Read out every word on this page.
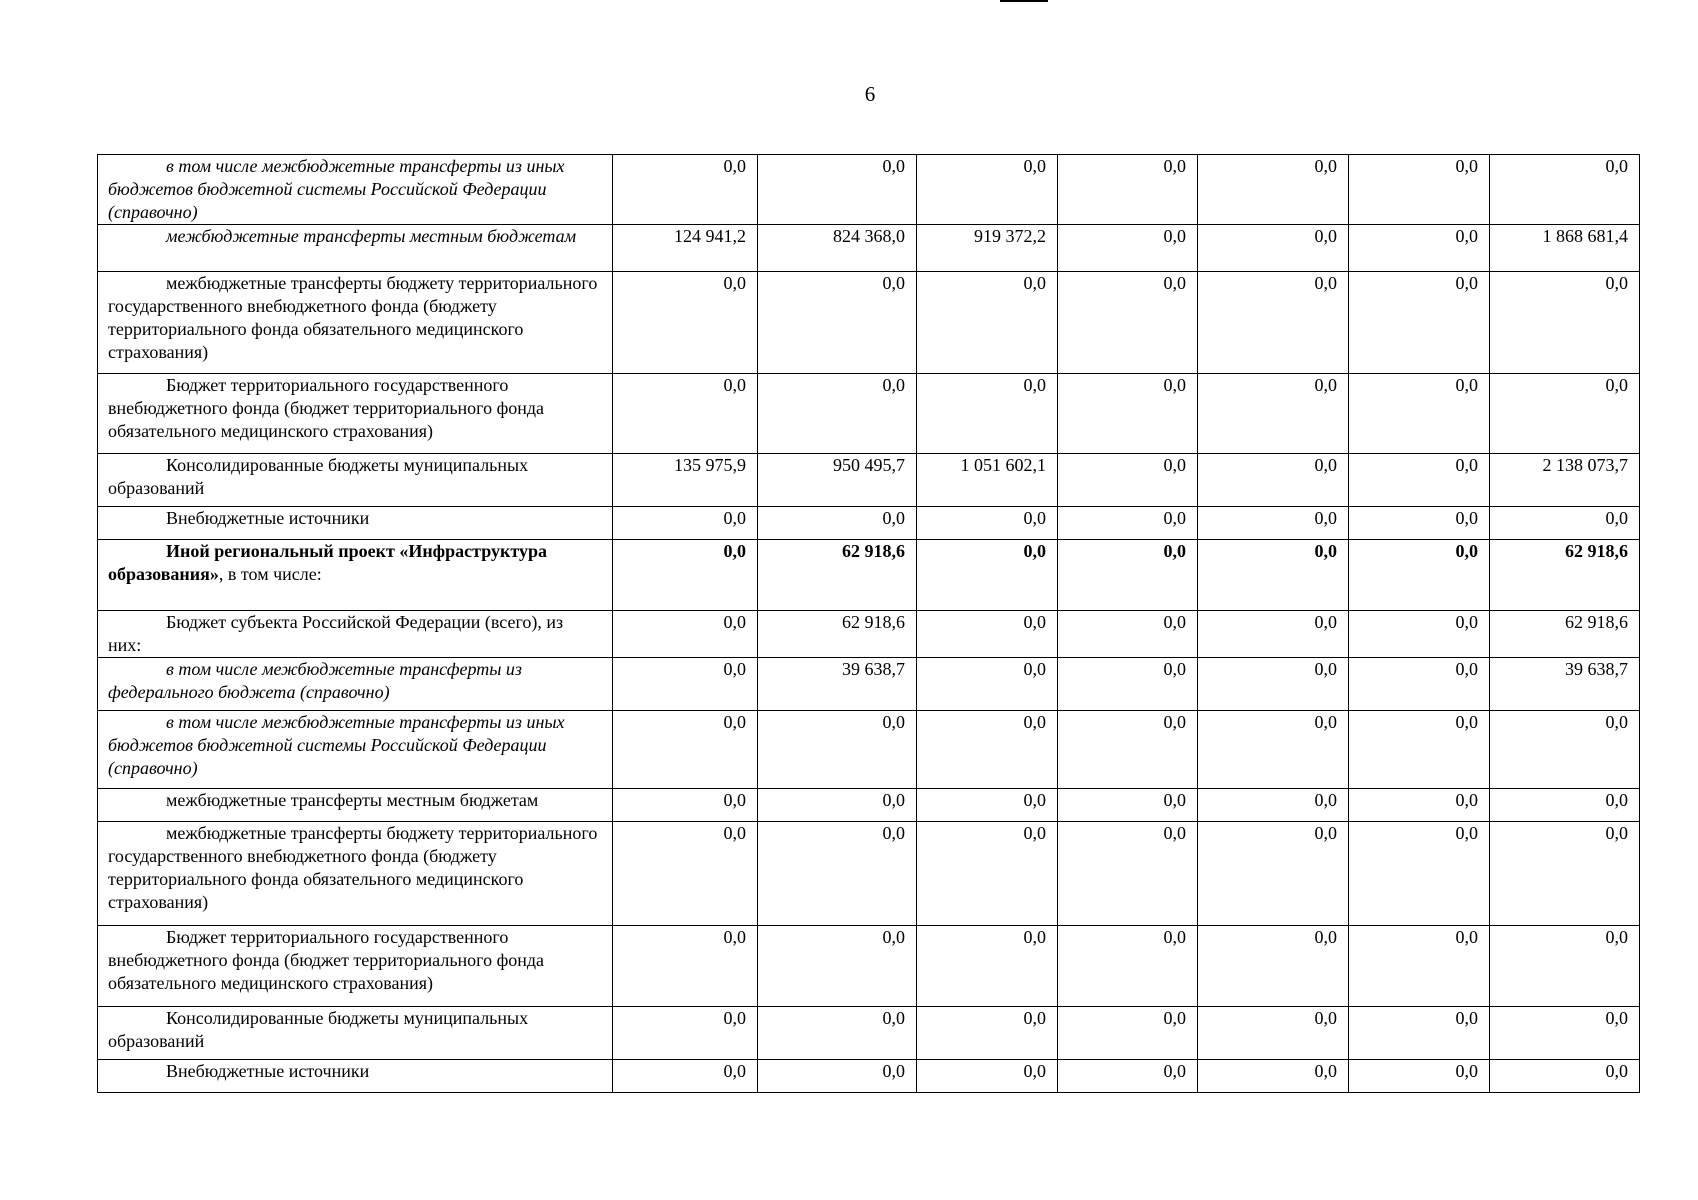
6
в том числе межбюджетные трансферты из иных бюджетов бюджетной системы Российской Федерации (справочно)	0,0	0,0	0,0	0,0	0,0	0,0	0,0

межбюджетные трансферты местным бюджетам	124 941,2	824 368,0	919 372,2	0,0	0,0	0,0	1 868 681,4

межбюджетные трансферты бюджету территориального государственного внебюджетного фонда (бюджету территориального фонда обязательного медицинского страхования)	0,0	0,0	0,0	0,0	0,0	0,0	0,0

Бюджет территориального государственного внебюджетного фонда (бюджет территориального фонда обязательного медицинского страхования)	0,0	0,0	0,0	0,0	0,0	0,0	0,0

Консолидированные бюджеты муниципальных образований	135 975,9	950 495,7	1 051 602,1	0,0	0,0	0,0	2 138 073,7

Внебюджетные источники	0,0	0,0	0,0	0,0	0,0	0,0	0,0

Иной региональный проект «Инфраструктура образования», в том числе:	0,0	62 918,6	0,0	0,0	0,0	0,0	62 918,6

Бюджет субъекта Российской Федерации (всего), из них:	0,0	62 918,6	0,0	0,0	0,0	0,0	62 918,6

в том числе межбюджетные трансферты из федерального бюджета (справочно)	0,0	39 638,7	0,0	0,0	0,0	0,0	39 638,7

в том числе межбюджетные трансферты из иных бюджетов бюджетной системы Российской Федерации (справочно)	0,0	0,0	0,0	0,0	0,0	0,0	0,0

межбюджетные трансферты местным бюджетам	0,0	0,0	0,0	0,0	0,0	0,0	0,0

межбюджетные трансферты бюджету территориального государственного внебюджетного фонда (бюджету территориального фонда обязательного медицинского страхования)	0,0	0,0	0,0	0,0	0,0	0,0	0,0

Бюджет территориального государственного внебюджетного фонда (бюджет территориального фонда обязательного медицинского страхования)	0,0	0,0	0,0	0,0	0,0	0,0	0,0

Консолидированные бюджеты муниципальных образований	0,0	0,0	0,0	0,0	0,0	0,0	0,0

Внебюджетные источники	0,0	0,0	0,0	0,0	0,0	0,0	0,0
